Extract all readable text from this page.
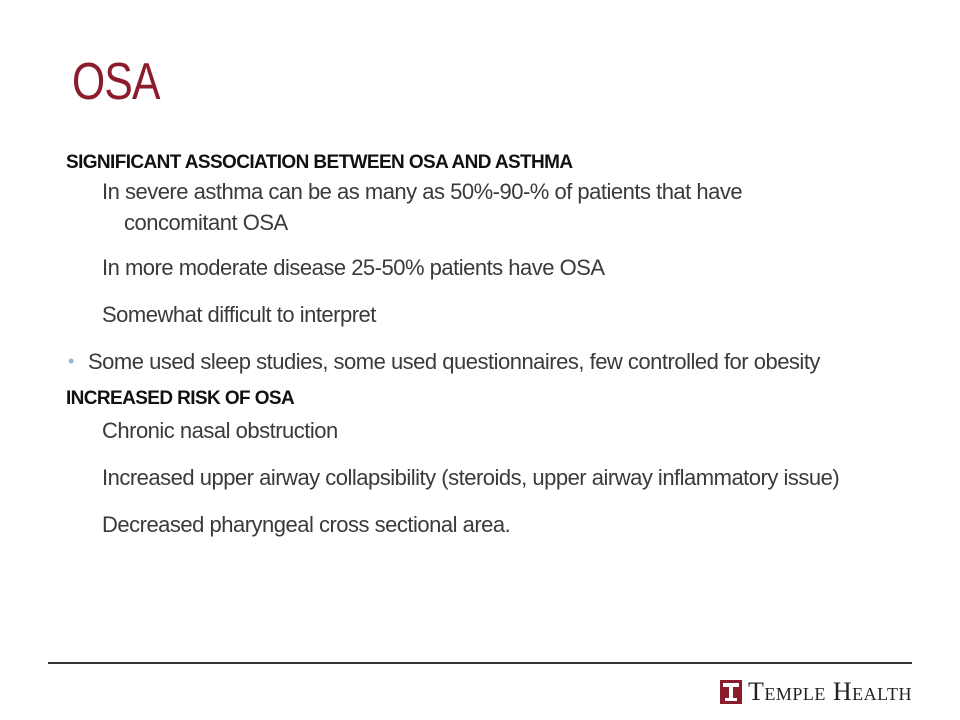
OSA

SIGNIFICANT ASSOCIATION BETWEEN OSA AND ASTHMA

In severe asthma can be as many as 50%-90-% of patients that have
concomitant OSA

In more moderate disease 25-50% patients have OSA

Somewhat difficult to interpret

• Some used sleep studies, some used questionnaires, few controlled for obesity

INCREASED RISK OF OSA

Chronic nasal obstruction

Increased upper airway collapsibility (steroids, upper airway inflammatory issue)

Decreased pharyngeal cross sectional area.

Temple Health
